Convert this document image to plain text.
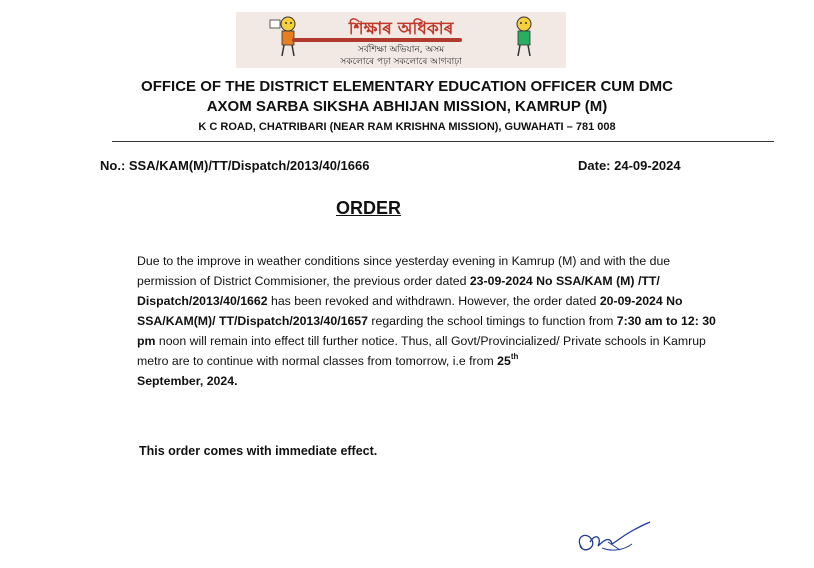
শিক্ষাৰ অধিকাৰ
সৰ্বশিক্ষা অভিযান, অসম
সকলোৰে পঢ়া সকলোৰে আগবাঢ়া
OFFICE OF THE DISTRICT ELEMENTARY EDUCATION OFFICER CUM DMC
AXOM SARBA SIKSHA ABHIJAN MISSION, KAMRUP (M)
K C ROAD, CHATRIBARI (NEAR RAM KRISHNA MISSION), GUWAHATI – 781 008
No.: SSA/KAM(M)/TT/Dispatch/2013/40/1666	Date: 24-09-2024
ORDER
Due to the improve in weather conditions since yesterday evening in Kamrup (M) and with the due permission of District Commisioner, the previous order dated 23-09-2024 No SSA/KAM (M) /TT/ Dispatch/2013/40/1662 has been revoked and withdrawn. However, the order dated 20-09-2024 No SSA/KAM(M)/ TT/Dispatch/2013/40/1657 regarding the school timings to function from 7:30 am to 12: 30 pm noon will remain into effect till further notice. Thus, all Govt/Provincialized/ Private schools in Kamrup metro are to continue with normal classes from tomorrow, i.e from 25th
September, 2024.
This order comes with immediate effect.
